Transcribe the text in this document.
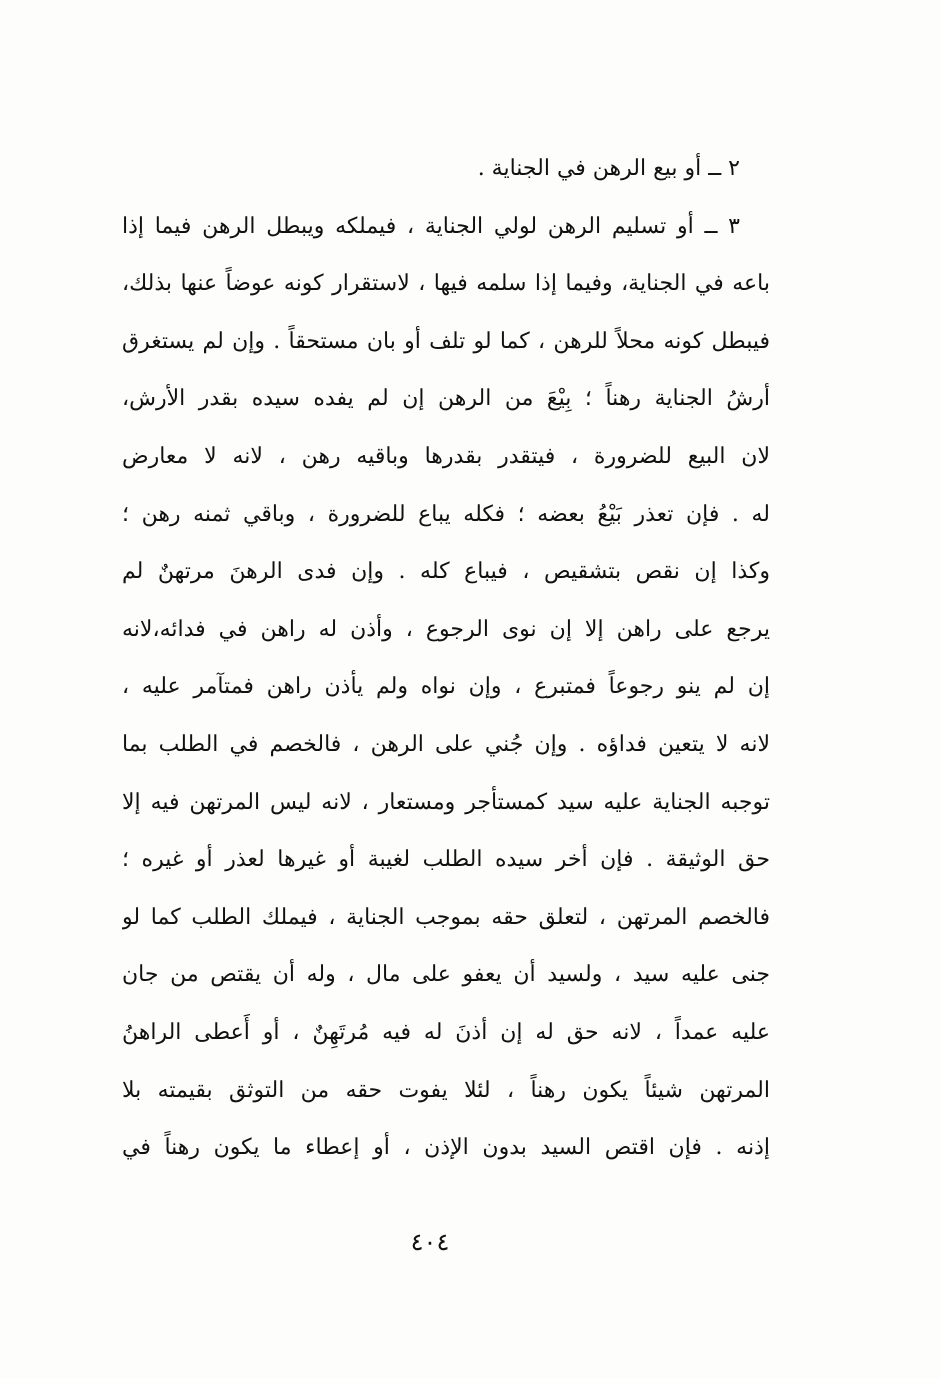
٢ ــ أو بيع الرهن في الجناية .
٣ ــ أو تسليم الرهن لولي الجناية ، فيملكه ويبطل الرهن فيما إذا
باعه في الجناية، وفيما إذا سلمه فيها ، لاستقرار كونه عوضاً عنها بذلك،
فيبطل كونه محلاً للرهن ، كما لو تلف أو بان مستحقاً . وإن لم يستغرق
أرشُ الجناية رهناً ؛ بِيْعَ من الرهن إن لم يفده سيده بقدر الأرش،
لان البيع للضرورة ، فيتقدر بقدرها وباقيه رهن ، لانه لا معارض
له . فإن تعذر بَيْعُ بعضه ؛ فكله يباع للضرورة ، وباقي ثمنه رهن ؛
وكذا إن نقص بتشقيص ، فيباع كله . وإن فدى الرهنَ مرتهنٌ لم
يرجع على راهن إلا إن نوى الرجوع ، وأذن له راهن في فدائه،لانه
إن لم ينو رجوعاً فمتبرع ، وإن نواه ولم يأذن راهن فمتآمر عليه ،
لانه لا يتعين فداؤه . وإن جُني على الرهن ، فالخصم في الطلب بما
توجبه الجناية عليه سيد كمستأجر ومستعار ، لانه ليس المرتهن فيه إلا
حق الوثيقة . فإن أخر سيده الطلب لغيبة أو غيرها لعذر أو غيره ؛
فالخصم المرتهن ، لتعلق حقه بموجب الجناية ، فيملك الطلب كما لو
جنى عليه سيد ، ولسيد أن يعفو على مال ، وله أن يقتص من جان
عليه عمداً ، لانه حق له إن أذنَ له فيه مُرتَهِنٌ ، أو أَعطى الراهنُ
المرتهن شيئاً يكون رهناً ، لئلا يفوت حقه من التوثق بقيمته بلا
إذنه . فإن اقتص السيد بدون الإذن ، أو إعطاء ما يكون رهناً في
٤٠٤
